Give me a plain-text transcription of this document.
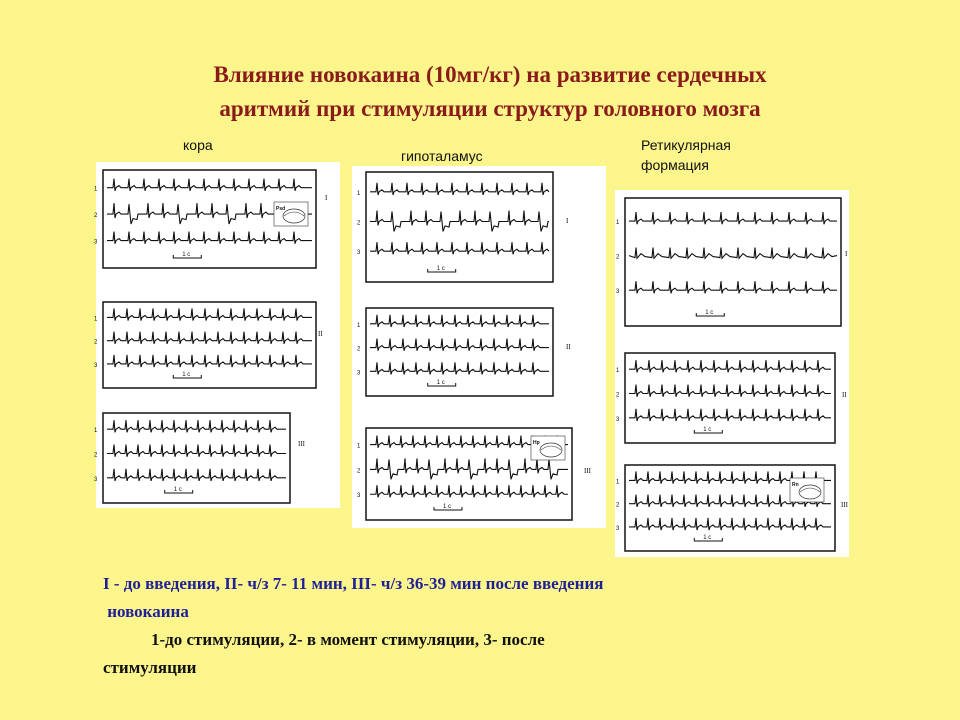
Влияние новокаина (10мг/кг) на развитие сердечных
аритмий при стимуляции структур головного мозга
кора
гипоталамус
Ретикулярная
формация
1
2
3
1 с
I
Рsd
1
2
3
1 с
II
1
2
3
1 с
III
1
2
3
1 с
I
1
2
3
1 с
II
1
2
3
1 с
III
Нр
1
2
3
1 с
I
1
2
3
1 с
II
1
2
3
1 с
III
Rn
I - до введения, II- ч/з 7- 11 мин, III- ч/з 36-39 мин после введения
новокаина
1-до стимуляции, 2- в момент стимуляции, 3- после
стимуляции
